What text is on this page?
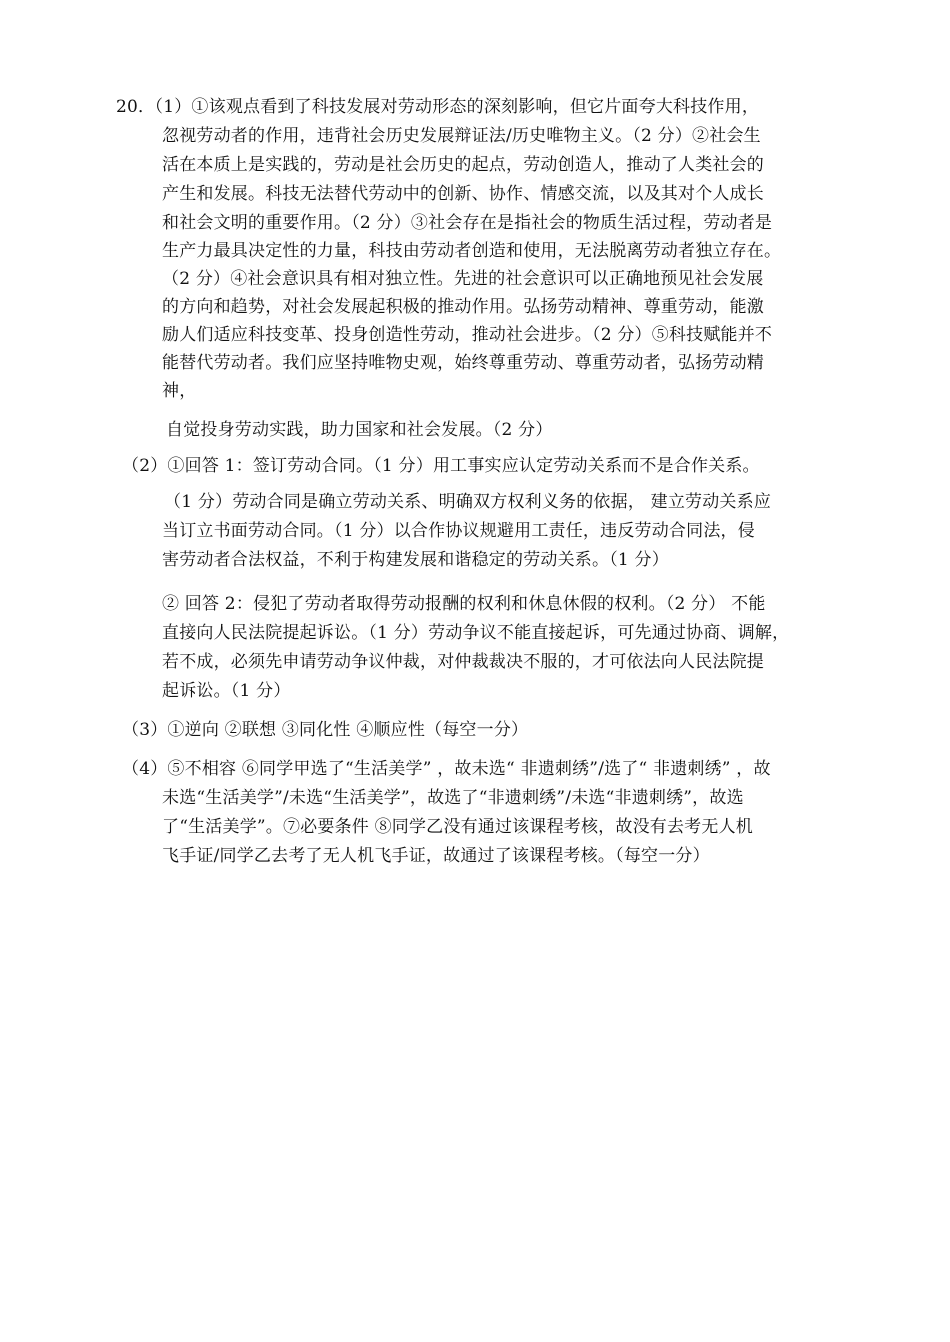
20．
（1）①该观点看到了科技发展对劳动形态的深刻影响，但它片面夸大科技作用，
忽视劳动者的作用，违背社会历史发展辩证法/历史唯物主义。（2 分）②社会生
活在本质上是实践的，劳动是社会历史的起点，劳动创造人，推动了人类社会的
产生和发展。科技无法替代劳动中的创新、协作、情感交流，以及其对个人成长
和社会文明的重要作用。（2 分）③社会存在是指社会的物质生活过程，劳动者是
生产力最具决定性的力量，科技由劳动者创造和使用，无法脱离劳动者独立存在。
（2 分）④社会意识具有相对独立性。先进的社会意识可以正确地预见社会发展
的方向和趋势，对社会发展起积极的推动作用。弘扬劳动精神、尊重劳动，能激
励人们适应科技变革、投身创造性劳动，推动社会进步。（2 分）⑤科技赋能并不
能替代劳动者。我们应坚持唯物史观，始终尊重劳动、尊重劳动者，弘扬劳动精
神，
自觉投身劳动实践，助力国家和社会发展。（2 分）
（2）①回答 1：签订劳动合同。（1 分）用工事实应认定劳动关系而不是合作关系。
（1 分）劳动合同是确立劳动关系、明确双方权利义务的依据， 建立劳动关系应
当订立书面劳动合同。（1 分）以合作协议规避用工责任，违反劳动合同法，侵
害劳动者合法权益，不利于构建发展和谐稳定的劳动关系。（1 分）
② 回答 2：侵犯了劳动者取得劳动报酬的权利和休息休假的权利。（2 分） 不能
直接向人民法院提起诉讼。（1 分）劳动争议不能直接起诉，可先通过协商、调解，
若不成，必须先申请劳动争议仲裁，对仲裁裁决不服的，才可依法向人民法院提
起诉讼。（1 分）
（3）①逆向 ②联想 ③同化性 ④顺应性（每空一分）
（4）⑤不相容 ⑥同学甲选了“生活美学” ，故未选“ 非遗刺绣”/选了“ 非遗刺绣” ，故
未选“生活美学”/未选“生活美学”，故选了“非遗刺绣”/未选“非遗刺绣”，故选
了“生活美学”。⑦必要条件 ⑧同学乙没有通过该课程考核，故没有去考无人机
飞手证/同学乙去考了无人机飞手证，故通过了该课程考核。（每空一分）
